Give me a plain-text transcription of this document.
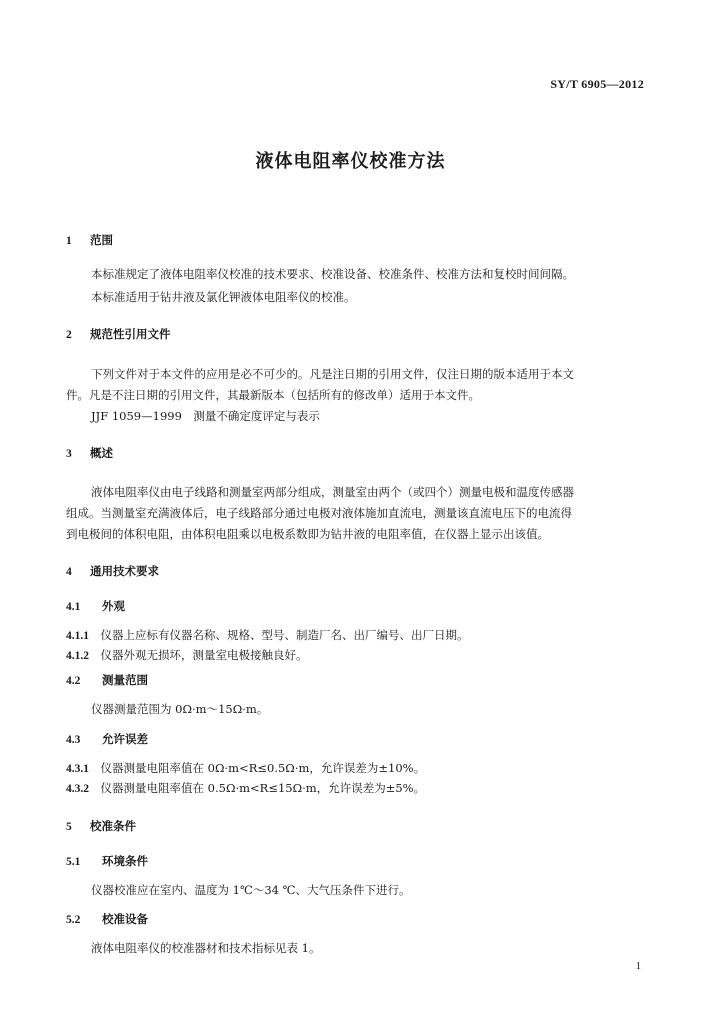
SY/T 6905—2012
液体电阻率仪校准方法
1 范围
本标准规定了液体电阻率仪校准的技术要求、校准设备、校准条件、校准方法和复校时间间隔。
本标准适用于钻井液及氯化钾液体电阻率仪的校准。
2 规范性引用文件
下列文件对于本文件的应用是必不可少的。凡是注日期的引用文件，仅注日期的版本适用于本文
件。凡是不注日期的引用文件，其最新版本（包括所有的修改单）适用于本文件。
JJF 1059—1999　测量不确定度评定与表示
3 概述
液体电阻率仪由电子线路和测量室两部分组成，测量室由两个（或四个）测量电极和温度传感器
组成。当测量室充满液体后，电子线路部分通过电极对液体施加直流电，测量该直流电压下的电流得
到电极间的体积电阻，由体积电阻乘以电极系数即为钻井液的电阻率值，在仪器上显示出该值。
4 通用技术要求
4.1 外观
4.1.1　 仪器上应标有仪器名称、规格、型号、制造厂名、出厂编号、出厂日期。
4.1.2　 仪器外观无损坏，测量室电极接触良好。
4.2 测量范围
仪器测量范围为 0Ω·m～15Ω·m。
4.3 允许误差
4.3.1　 仪器测量电阻率值在 0Ω·m<R≤0.5Ω·m，允许误差为±10%。
4.3.2　 仪器测量电阻率值在 0.5Ω·m<R≤15Ω·m，允许误差为±5%。
5 校准条件
5.1 环境条件
仪器校准应在室内、温度为 1℃～34 ℃、大气压条件下进行。
5.2 校准设备
液体电阻率仪的校准器材和技术指标见表 1。
1
